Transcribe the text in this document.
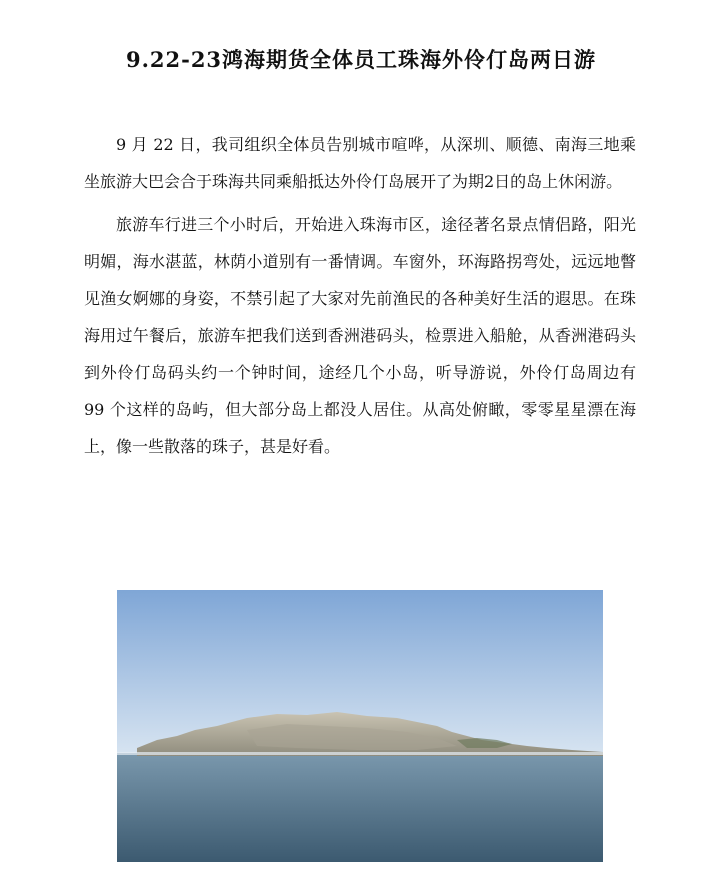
9.22-23鸿海期货全体员工珠海外伶仃岛两日游

9 月 22 日，我司组织全体员告别城市喧哗，从深圳、顺德、南海三地乘坐旅游大巴会合于珠海共同乘船抵达外伶仃岛展开了为期2日的岛上休闲游。

旅游车行进三个小时后，开始进入珠海市区，途径著名景点情侣路，阳光明媚，海水湛蓝，林荫小道别有一番情调。车窗外，环海路拐弯处，远远地瞥见渔女婀娜的身姿，不禁引起了大家对先前渔民的各种美好生活的遐思。在珠海用过午餐后，旅游车把我们送到香洲港码头，检票进入船舱，从香洲港码头到外伶仃岛码头约一个钟时间，途经几个小岛，听导游说，外伶仃岛周边有 99 个这样的岛屿，但大部分岛上都没人居住。从高处俯瞰，零零星星漂在海上，像一些散落的珠子，甚是好看。
